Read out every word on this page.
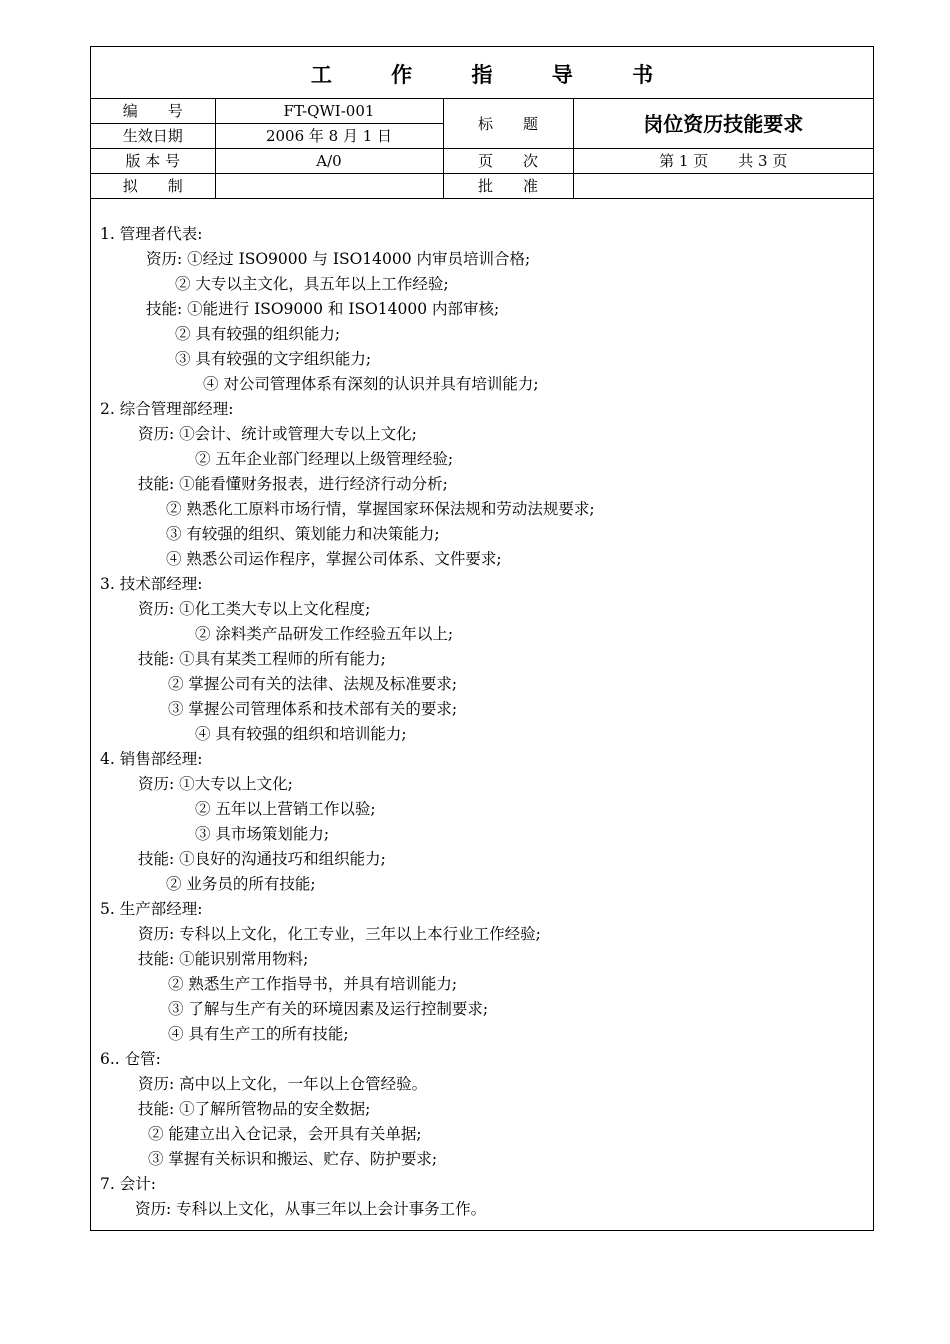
工 作 指 导 书
编　　号	FT-QWI-001	标　　题	岗位资历技能要求
生效日期	2006 年 8 月 1 日		
版 本 号	A/0	页　　次	第 1 页　　共 3 页
拟　　制		批　　准	
1. 管理者代表:
资历: ①经过 ISO9000 与 ISO14000 内审员培训合格;
② 大专以主文化，具五年以上工作经验;
技能: ①能进行 ISO9000 和 ISO14000 内部审核;
② 具有较强的组织能力;
③ 具有较强的文字组织能力;
④ 对公司管理体系有深刻的认识并具有培训能力;
2. 综合管理部经理:
资历: ①会计、统计或管理大专以上文化;
② 五年企业部门经理以上级管理经验;
技能: ①能看懂财务报表，进行经济行动分析;
② 熟悉化工原料市场行情，掌握国家环保法规和劳动法规要求;
③ 有较强的组织、策划能力和决策能力;
④ 熟悉公司运作程序，掌握公司体系、文件要求;
3. 技术部经理:
资历: ①化工类大专以上文化程度;
② 涂料类产品研发工作经验五年以上;
技能: ①具有某类工程师的所有能力;
② 掌握公司有关的法律、法规及标准要求;
③ 掌握公司管理体系和技术部有关的要求;
④ 具有较强的组织和培训能力;
4. 销售部经理:
资历: ①大专以上文化;
② 五年以上营销工作以验;
③ 具市场策划能力;
技能: ①良好的沟通技巧和组织能力;
② 业务员的所有技能;
5. 生产部经理:
资历: 专科以上文化，化工专业，三年以上本行业工作经验;
技能: ①能识别常用物料;
② 熟悉生产工作指导书，并具有培训能力;
③ 了解与生产有关的环境因素及运行控制要求;
④ 具有生产工的所有技能;
6.. 仓管:
资历: 高中以上文化，一年以上仓管经验。
技能: ①了解所管物品的安全数据;
② 能建立出入仓记录，会开具有关单据;
③ 掌握有关标识和搬运、贮存、防护要求;
7. 会计:
资历: 专科以上文化，从事三年以上会计事务工作。
